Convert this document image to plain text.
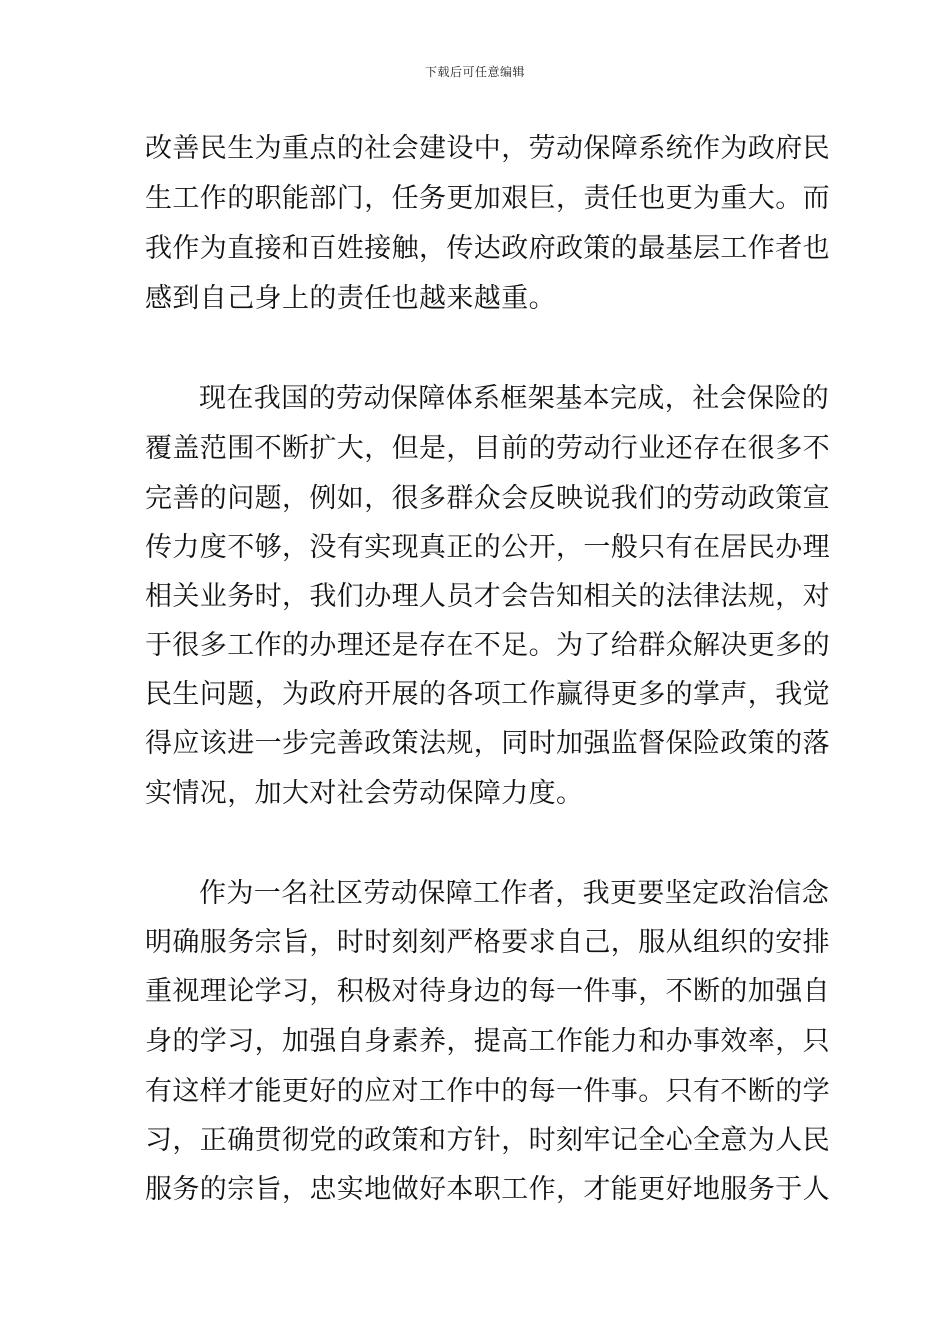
下载后可任意编辑
改善民生为重点的社会建设中，劳动保障系统作为政府民
生工作的职能部门，任务更加艰巨，责任也更为重大。而
我作为直接和百姓接触，传达政府政策的最基层工作者也
感到自己身上的责任也越来越重。
现在我国的劳动保障体系框架基本完成，社会保险的
覆盖范围不断扩大，但是，目前的劳动行业还存在很多不
完善的问题，例如，很多群众会反映说我们的劳动政策宣
传力度不够，没有实现真正的公开，一般只有在居民办理
相关业务时，我们办理人员才会告知相关的法律法规，对
于很多工作的办理还是存在不足。为了给群众解决更多的
民生问题，为政府开展的各项工作赢得更多的掌声，我觉
得应该进一步完善政策法规，同时加强监督保险政策的落
实情况，加大对社会劳动保障力度。
作为一名社区劳动保障工作者，我更要坚定政治信念
明确服务宗旨，时时刻刻严格要求自己，服从组织的安排
重视理论学习，积极对待身边的每一件事，不断的加强自
身的学习，加强自身素养，提高工作能力和办事效率，只
有这样才能更好的应对工作中的每一件事。只有不断的学
习，正确贯彻党的政策和方针，时刻牢记全心全意为人民
服务的宗旨，忠实地做好本职工作，才能更好地服务于人
